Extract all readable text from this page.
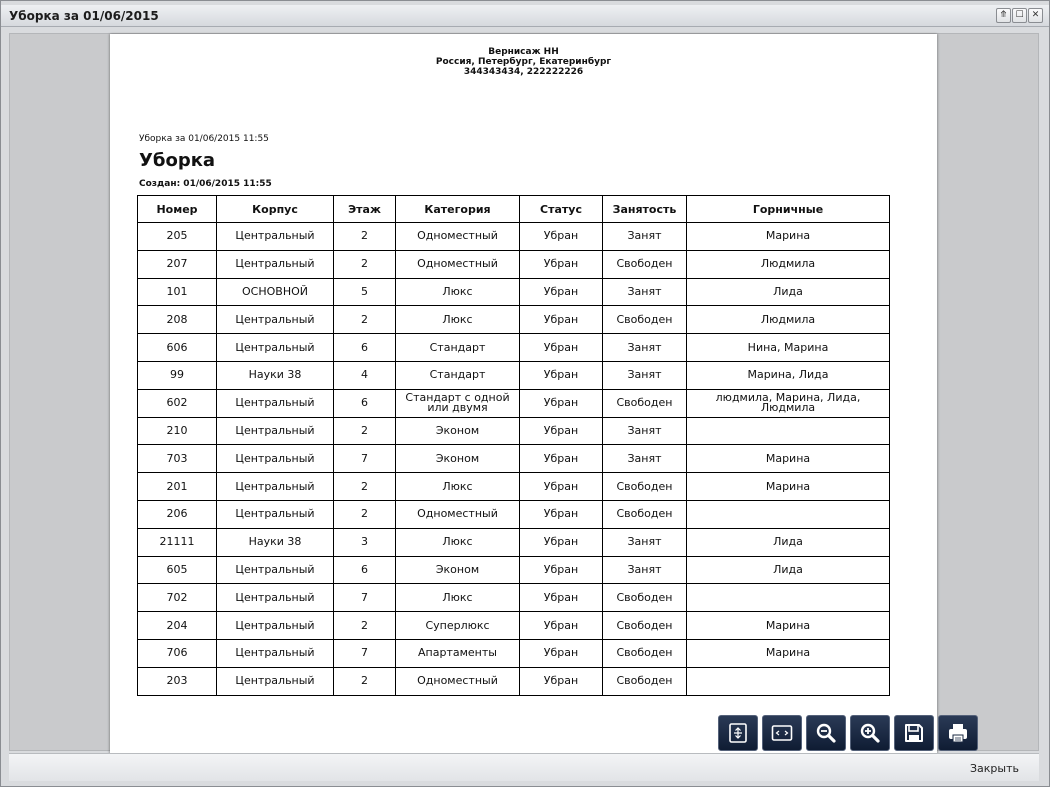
Уборка за 01/06/2015	⤊ ☐ ✕
Вернисаж НН
Россия, Петербург, Екатеринбург
344343434, 222222226
Уборка за 01/06/2015 11:55
Уборка
Создан: 01/06/2015 11:55
Номер	Корпус	Этаж	Категория	Статус	Занятость	Горничные
205	Центральный	2	Одноместный	Убран	Занят	Марина
207	Центральный	2	Одноместный	Убран	Свободен	Людмила
101	ОСНОВНОЙ	5	Люкс	Убран	Занят	Лида
208	Центральный	2	Люкс	Убран	Свободен	Людмила
606	Центральный	6	Стандарт	Убран	Занят	Нина, Марина
99	Науки 38	4	Стандарт	Убран	Занят	Марина, Лида
602	Центральный	6	Стандарт с одной или двумя	Убран	Свободен	людмила, Марина, Лида, Людмила
210	Центральный	2	Эконом	Убран	Занят	
703	Центральный	7	Эконом	Убран	Занят	Марина
201	Центральный	2	Люкс	Убран	Свободен	Марина
206	Центральный	2	Одноместный	Убран	Свободен	
21111	Науки 38	3	Люкс	Убран	Занят	Лида
605	Центральный	6	Эконом	Убран	Занят	Лида
702	Центральный	7	Люкс	Убран	Свободен	
204	Центральный	2	Суперлюкс	Убран	Свободен	Марина
706	Центральный	7	Апартаменты	Убран	Свободен	Марина
203	Центральный	2	Одноместный	Убран	Свободен	
Закрыть
